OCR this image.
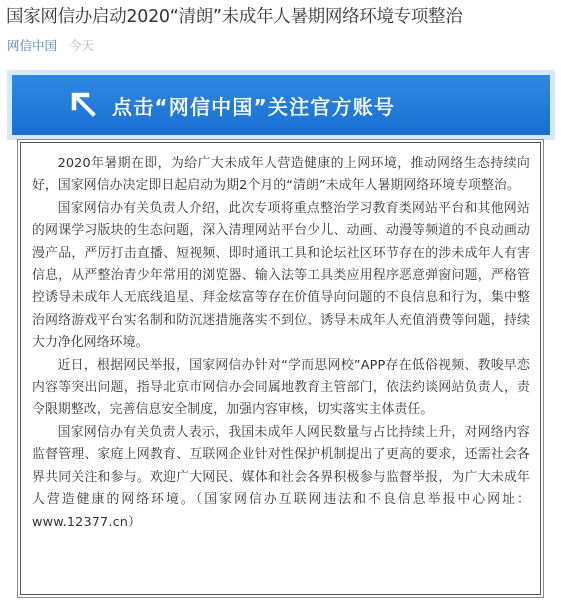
国家网信办启动2020“清朗”未成年人暑期网络环境专项整治
网信中国 今天
点击“网信中国”关注官方账号

2020年暑期在即，为给广大未成年人营造健康的上网环境，推动网络生态持续向好，国家网信办决定即日起启动为期2个月的“清朗”未成年人暑期网络环境专项整治。

国家网信办有关负责人介绍，此次专项将重点整治学习教育类网站平台和其他网站的网课学习版块的生态问题，深入清理网站平台少儿、动画、动漫等频道的不良动画动漫产品，严厉打击直播、短视频、即时通讯工具和论坛社区环节存在的涉未成年人有害信息，从严整治青少年常用的浏览器、输入法等工具类应用程序恶意弹窗问题，严格管控诱导未成年人无底线追星、拜金炫富等存在价值导向问题的不良信息和行为，集中整治网络游戏平台实名制和防沉迷措施落实不到位、诱导未成年人充值消费等问题，持续大力净化网络环境。

近日，根据网民举报，国家网信办针对“学而思网校”APP存在低俗视频、教唆早恋内容等突出问题，指导北京市网信办会同属地教育主管部门，依法约谈网站负责人，责令限期整改，完善信息安全制度，加强内容审核，切实落实主体责任。

国家网信办有关负责人表示，我国未成年人网民数量与占比持续上升，对网络内容监督管理、家庭上网教育、互联网企业针对性保护机制提出了更高的要求，还需社会各界共同关注和参与。欢迎广大网民、媒体和社会各界积极参与监督举报，为广大未成年人营造健康的网络环境。（国家网信办互联网违法和不良信息举报中心网址：www.12377.cn）
